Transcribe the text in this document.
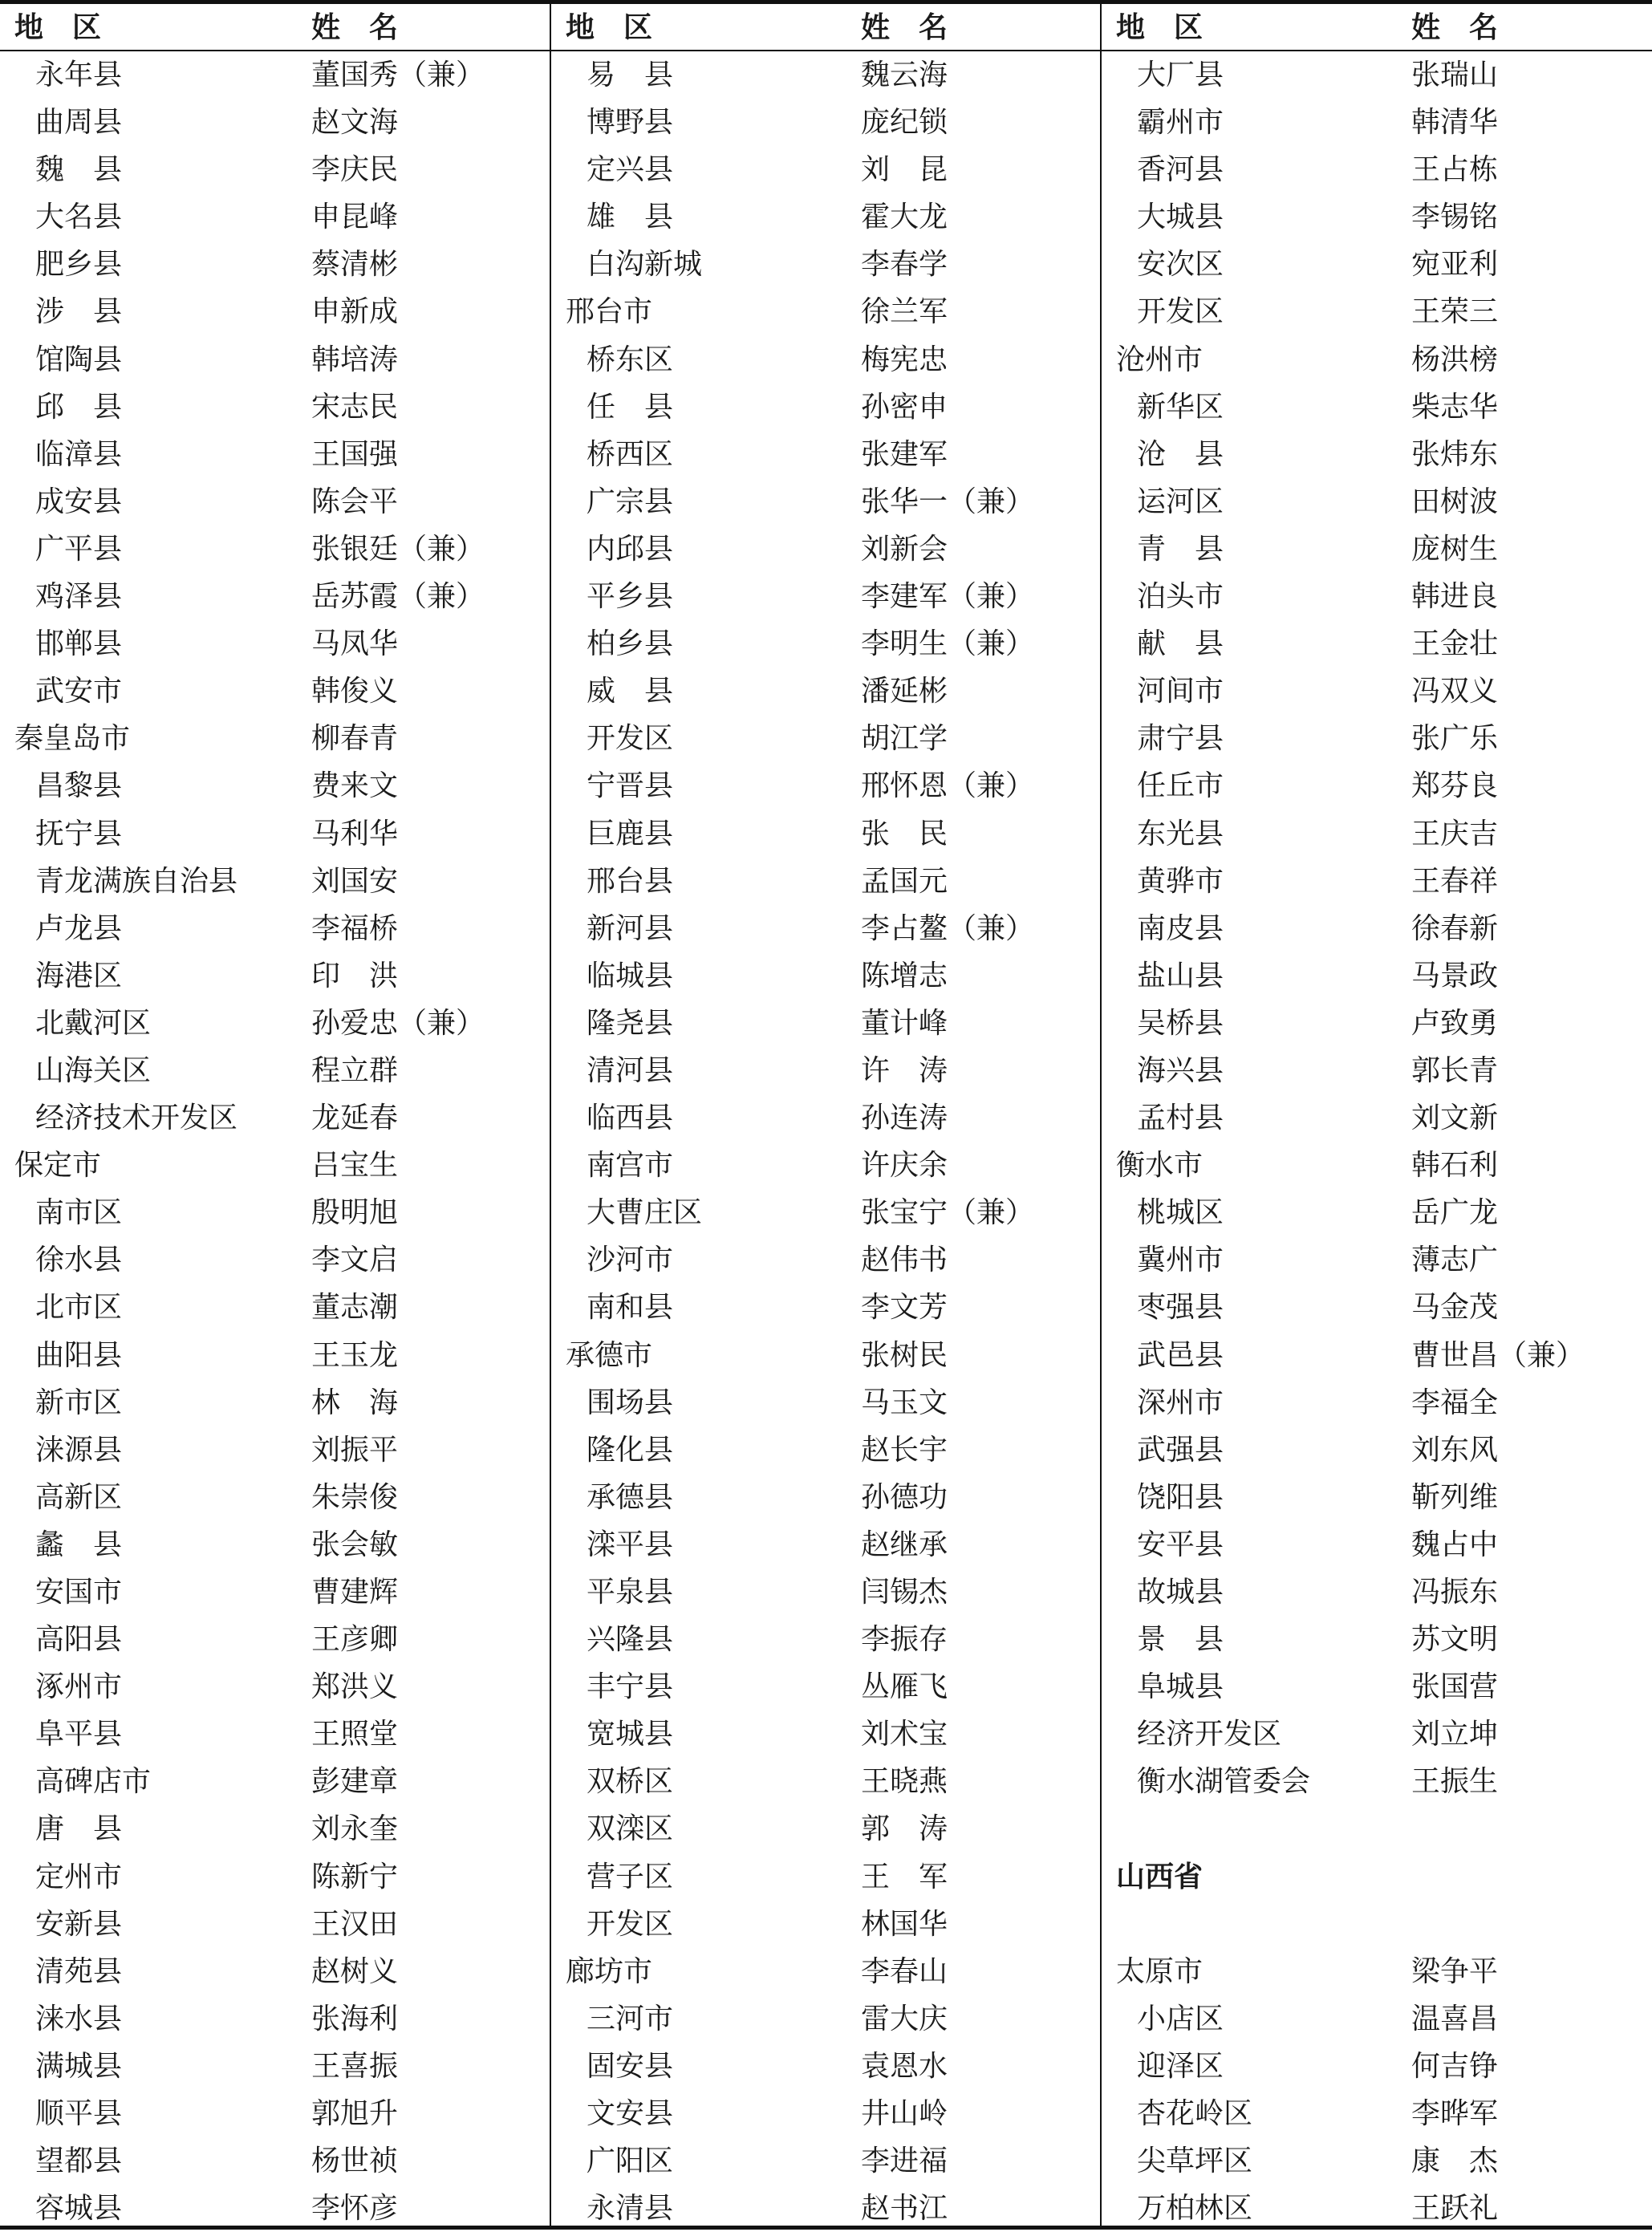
地　区	姓　名
永年县	董国秀（兼）
曲周县	赵文海
魏　县	李庆民
大名县	申昆峰
肥乡县	蔡清彬
涉　县	申新成
馆陶县	韩培涛
邱　县	宋志民
临漳县	王国强
成安县	陈会平
广平县	张银廷（兼）
鸡泽县	岳苏霞（兼）
邯郸县	马凤华
武安市	韩俊义
秦皇岛市	柳春青
昌黎县	费来文
抚宁县	马利华
青龙满族自治县	刘国安
卢龙县	李福桥
海港区	印　洪
北戴河区	孙爱忠（兼）
山海关区	程立群
经济技术开发区	龙延春
保定市	吕宝生
南市区	殷明旭
徐水县	李文启
北市区	董志潮
曲阳县	王玉龙
新市区	林　海
涞源县	刘振平
高新区	朱崇俊
蠡　县	张会敏
安国市	曹建辉
高阳县	王彦卿
涿州市	郑洪义
阜平县	王照堂
高碑店市	彭建章
唐　县	刘永奎
定州市	陈新宁
安新县	王汉田
清苑县	赵树义
涞水县	张海利
满城县	王喜振
顺平县	郭旭升
望都县	杨世祯
容城县	李怀彦
地　区	姓　名
易　县	魏云海
博野县	庞纪锁
定兴县	刘　昆
雄　县	霍大龙
白沟新城	李春学
邢台市	徐兰军
桥东区	梅宪忠
任　县	孙密申
桥西区	张建军
广宗县	张华一（兼）
内邱县	刘新会
平乡县	李建军（兼）
柏乡县	李明生（兼）
威　县	潘延彬
开发区	胡江学
宁晋县	邢怀恩（兼）
巨鹿县	张　民
邢台县	孟国元
新河县	李占鳌（兼）
临城县	陈增志
隆尧县	董计峰
清河县	许　涛
临西县	孙连涛
南宫市	许庆余
大曹庄区	张宝宁（兼）
沙河市	赵伟书
南和县	李文芳
承德市	张树民
围场县	马玉文
隆化县	赵长宇
承德县	孙德功
滦平县	赵继承
平泉县	闫锡杰
兴隆县	李振存
丰宁县	丛雁飞
宽城县	刘术宝
双桥区	王晓燕
双滦区	郭　涛
营子区	王　军
开发区	林国华
廊坊市	李春山
三河市	雷大庆
固安县	袁恩水
文安县	井山岭
广阳区	李进福
永清县	赵书江
地　区	姓　名
大厂县	张瑞山
霸州市	韩清华
香河县	王占栋
大城县	李锡铭
安次区	宛亚利
开发区	王荣三
沧州市	杨洪榜
新华区	柴志华
沧　县	张炜东
运河区	田树波
青　县	庞树生
泊头市	韩进良
献　县	王金壮
河间市	冯双义
肃宁县	张广乐
任丘市	郑芬良
东光县	王庆吉
黄骅市	王春祥
南皮县	徐春新
盐山县	马景政
吴桥县	卢致勇
海兴县	郭长青
孟村县	刘文新
衡水市	韩石利
桃城区	岳广龙
冀州市	薄志广
枣强县	马金茂
武邑县	曹世昌（兼）
深州市	李福全
武强县	刘东风
饶阳县	靳列维
安平县	魏占中
故城县	冯振东
景　县	苏文明
阜城县	张国营
经济开发区	刘立坤
衡水湖管委会	王振生
山西省
太原市	梁争平
小店区	温喜昌
迎泽区	何吉铮
杏花岭区	李晔军
尖草坪区	康　杰
万柏林区	王跃礼
